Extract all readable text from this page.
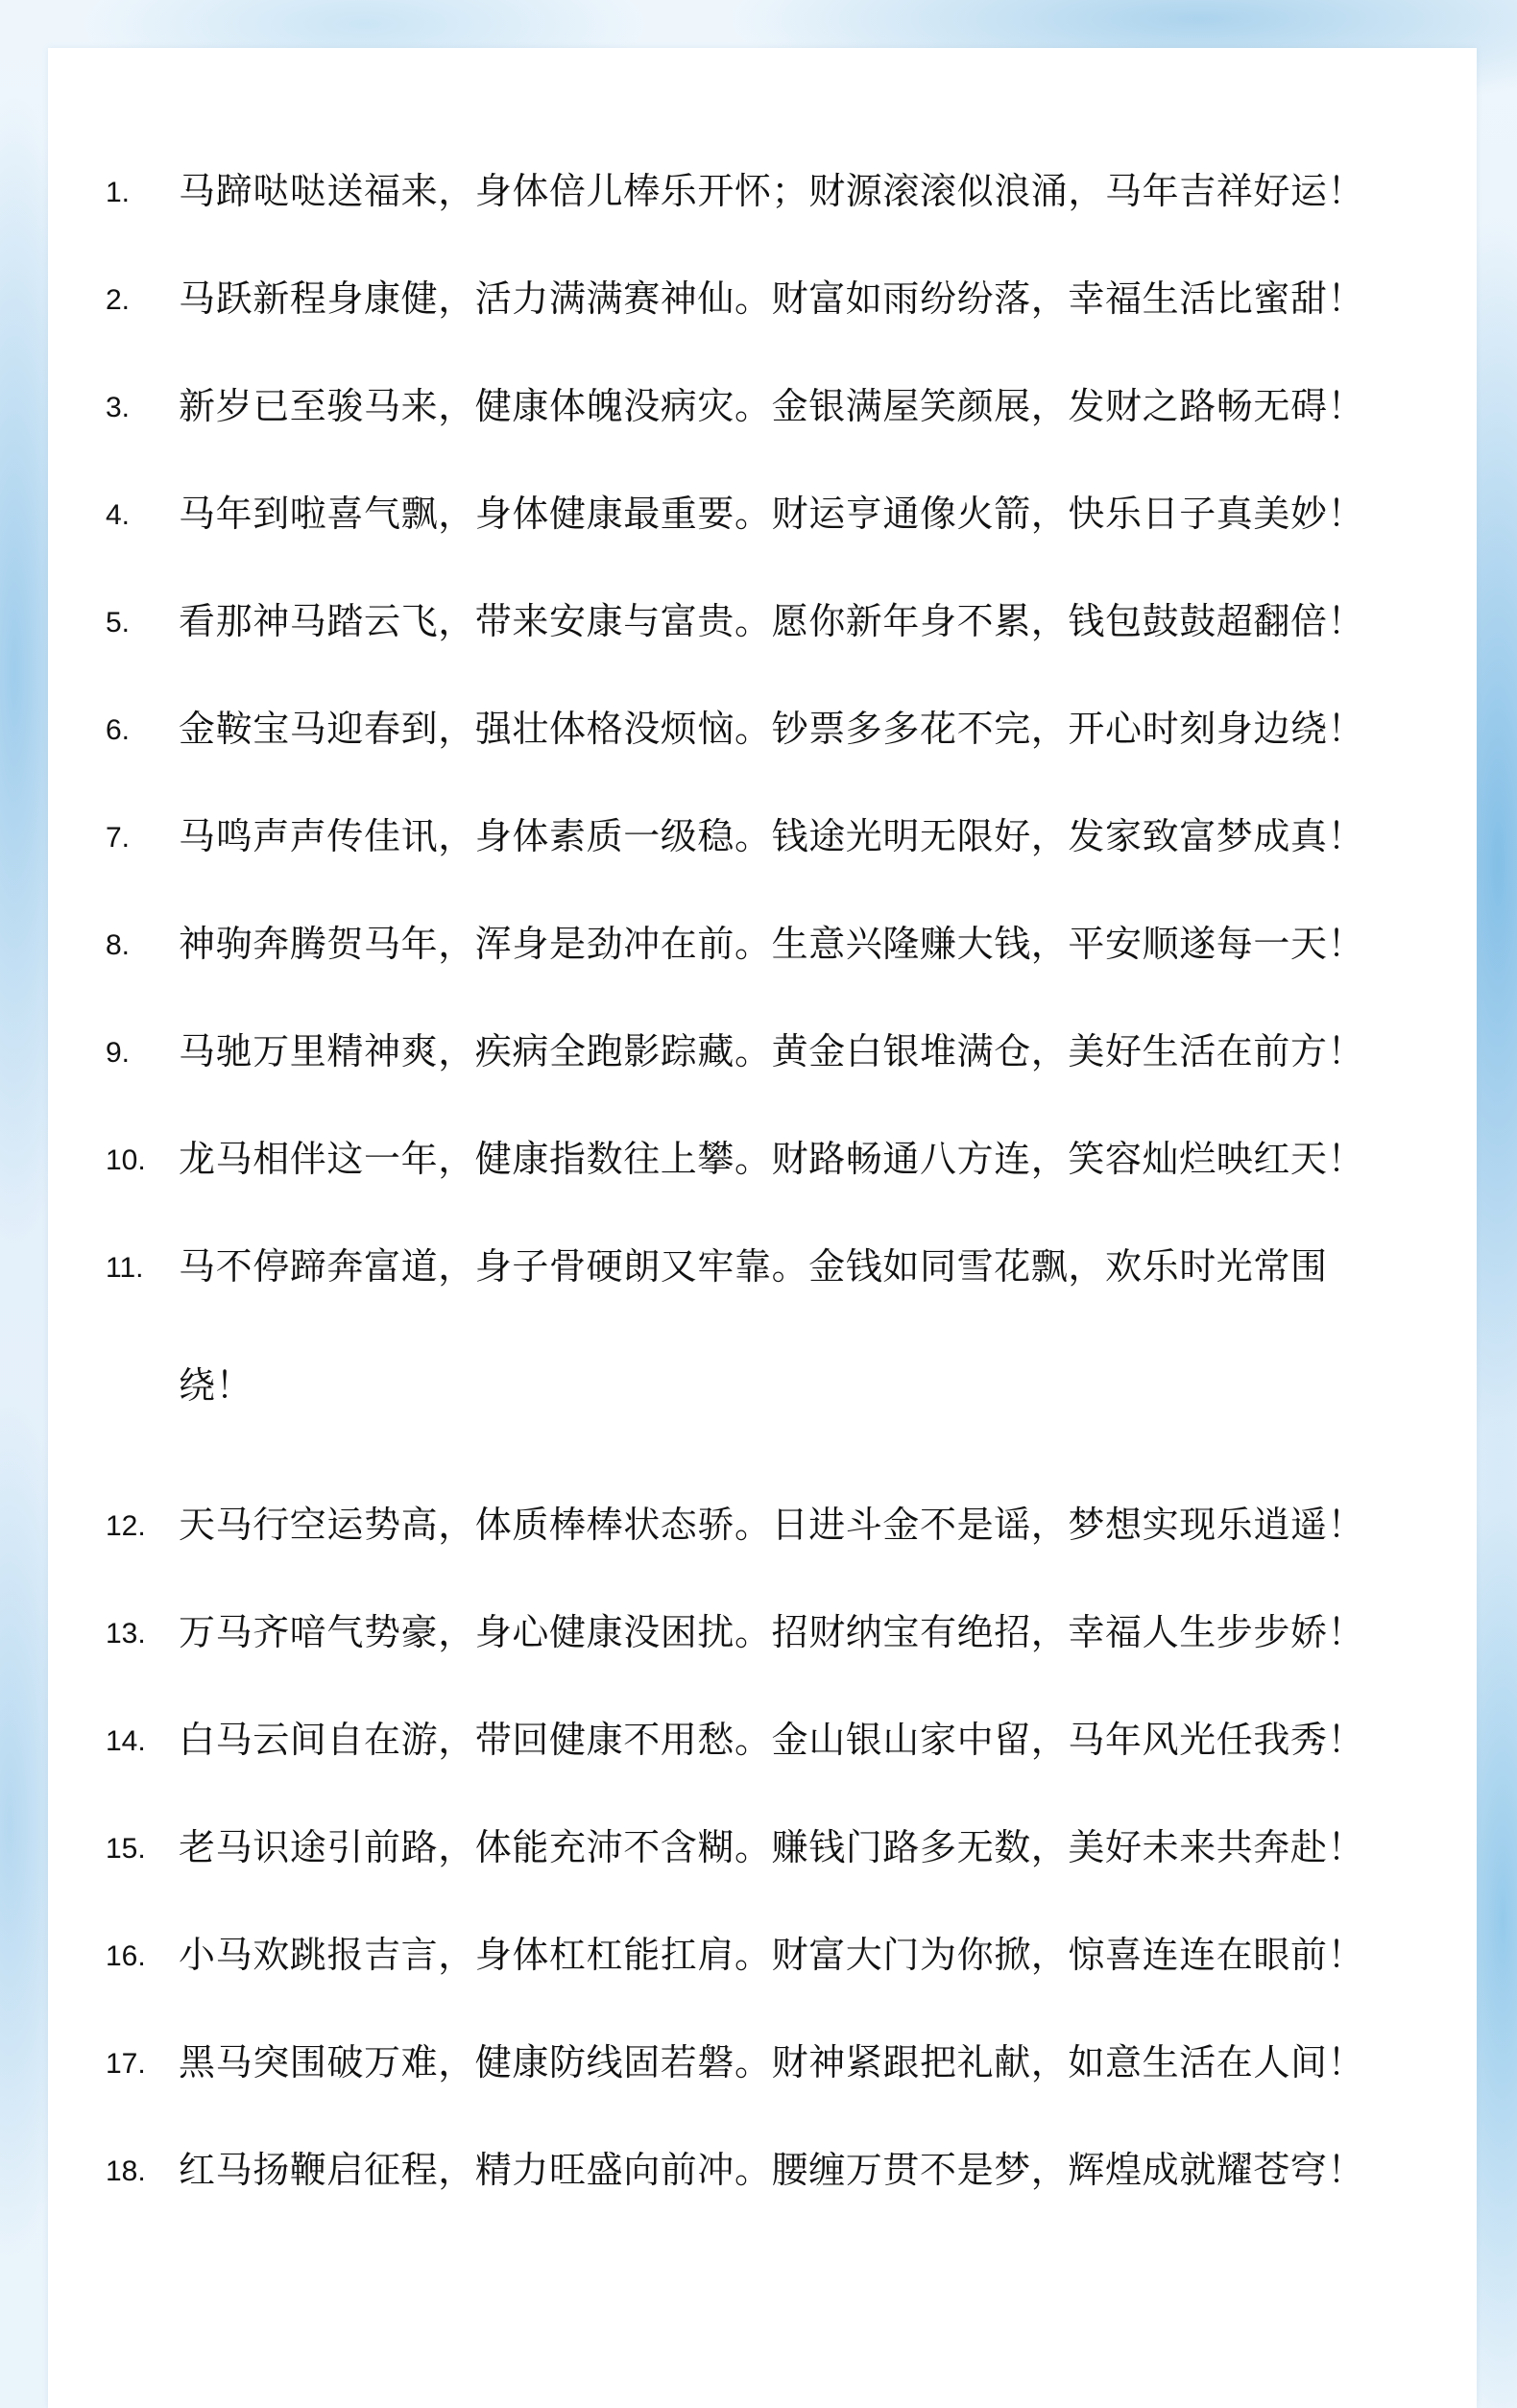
1.	马蹄哒哒送福来，身体倍儿棒乐开怀；财源滚滚似浪涌，马年吉祥好运！
2.	马跃新程身康健，活力满满赛神仙。财富如雨纷纷落，幸福生活比蜜甜！
3.	新岁已至骏马来，健康体魄没病灾。金银满屋笑颜展，发财之路畅无碍！
4.	马年到啦喜气飘，身体健康最重要。财运亨通像火箭，快乐日子真美妙！
5.	看那神马踏云飞，带来安康与富贵。愿你新年身不累，钱包鼓鼓超翻倍！
6.	金鞍宝马迎春到，强壮体格没烦恼。钞票多多花不完，开心时刻身边绕！
7.	马鸣声声传佳讯，身体素质一级稳。钱途光明无限好，发家致富梦成真！
8.	神驹奔腾贺马年，浑身是劲冲在前。生意兴隆赚大钱，平安顺遂每一天！
9.	马驰万里精神爽，疾病全跑影踪藏。黄金白银堆满仓，美好生活在前方！
10. 龙马相伴这一年，健康指数往上攀。财路畅通八方连，笑容灿烂映红天！
11. 马不停蹄奔富道，身子骨硬朗又牢靠。金钱如同雪花飘，欢乐时光常围绕！
12. 天马行空运势高，体质棒棒状态骄。日进斗金不是谣，梦想实现乐逍遥！
13. 万马齐喑气势豪，身心健康没困扰。招财纳宝有绝招，幸福人生步步娇！
14. 白马云间自在游，带回健康不用愁。金山银山家中留，马年风光任我秀！
15. 老马识途引前路，体能充沛不含糊。赚钱门路多无数，美好未来共奔赴！
16. 小马欢跳报吉言，身体杠杠能扛肩。财富大门为你掀，惊喜连连在眼前！
17. 黑马突围破万难，健康防线固若磐。财神紧跟把礼献，如意生活在人间！
18. 红马扬鞭启征程，精力旺盛向前冲。腰缠万贯不是梦，辉煌成就耀苍穹！
